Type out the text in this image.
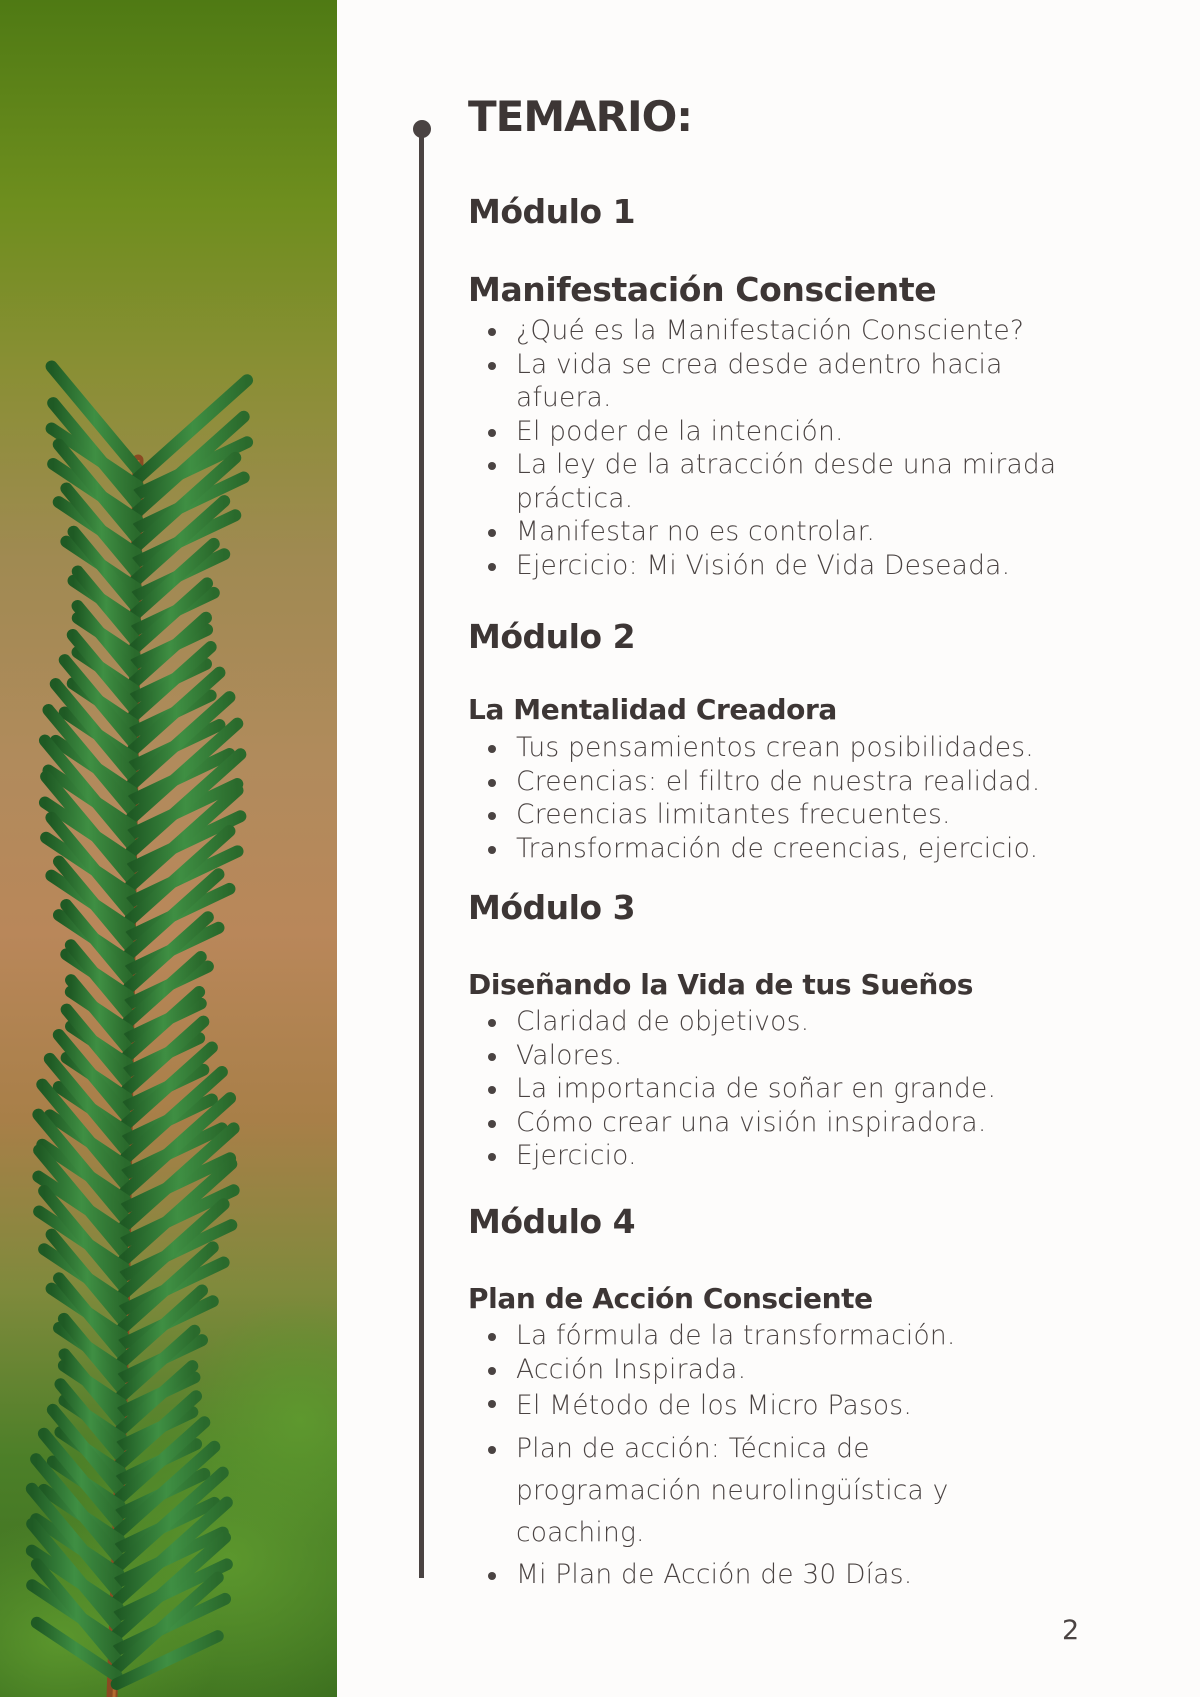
TEMARIO:
Módulo 1
Manifestación Consciente
¿Qué es la Manifestación Consciente?
La vida se crea desde adentro hacia afuera.
El poder de la intención.
La ley de la atracción desde una mirada práctica.
Manifestar no es controlar.
Ejercicio: Mi Visión de Vida Deseada.
Módulo 2
La Mentalidad Creadora
Tus pensamientos crean posibilidades.
Creencias: el filtro de nuestra realidad.
Creencias limitantes frecuentes.
Transformación de creencias, ejercicio.
Módulo 3
Diseñando la Vida de tus Sueños
Claridad de objetivos.
Valores.
La importancia de soñar en grande.
Cómo crear una visión inspiradora.
Ejercicio.
Módulo 4
Plan de Acción Consciente
La fórmula de la transformación.
Acción Inspirada.
El Método de los Micro Pasos.
Plan de acción: Técnica de programación neurolingüística y coaching.
Mi Plan de Acción de 30 Días.
2
